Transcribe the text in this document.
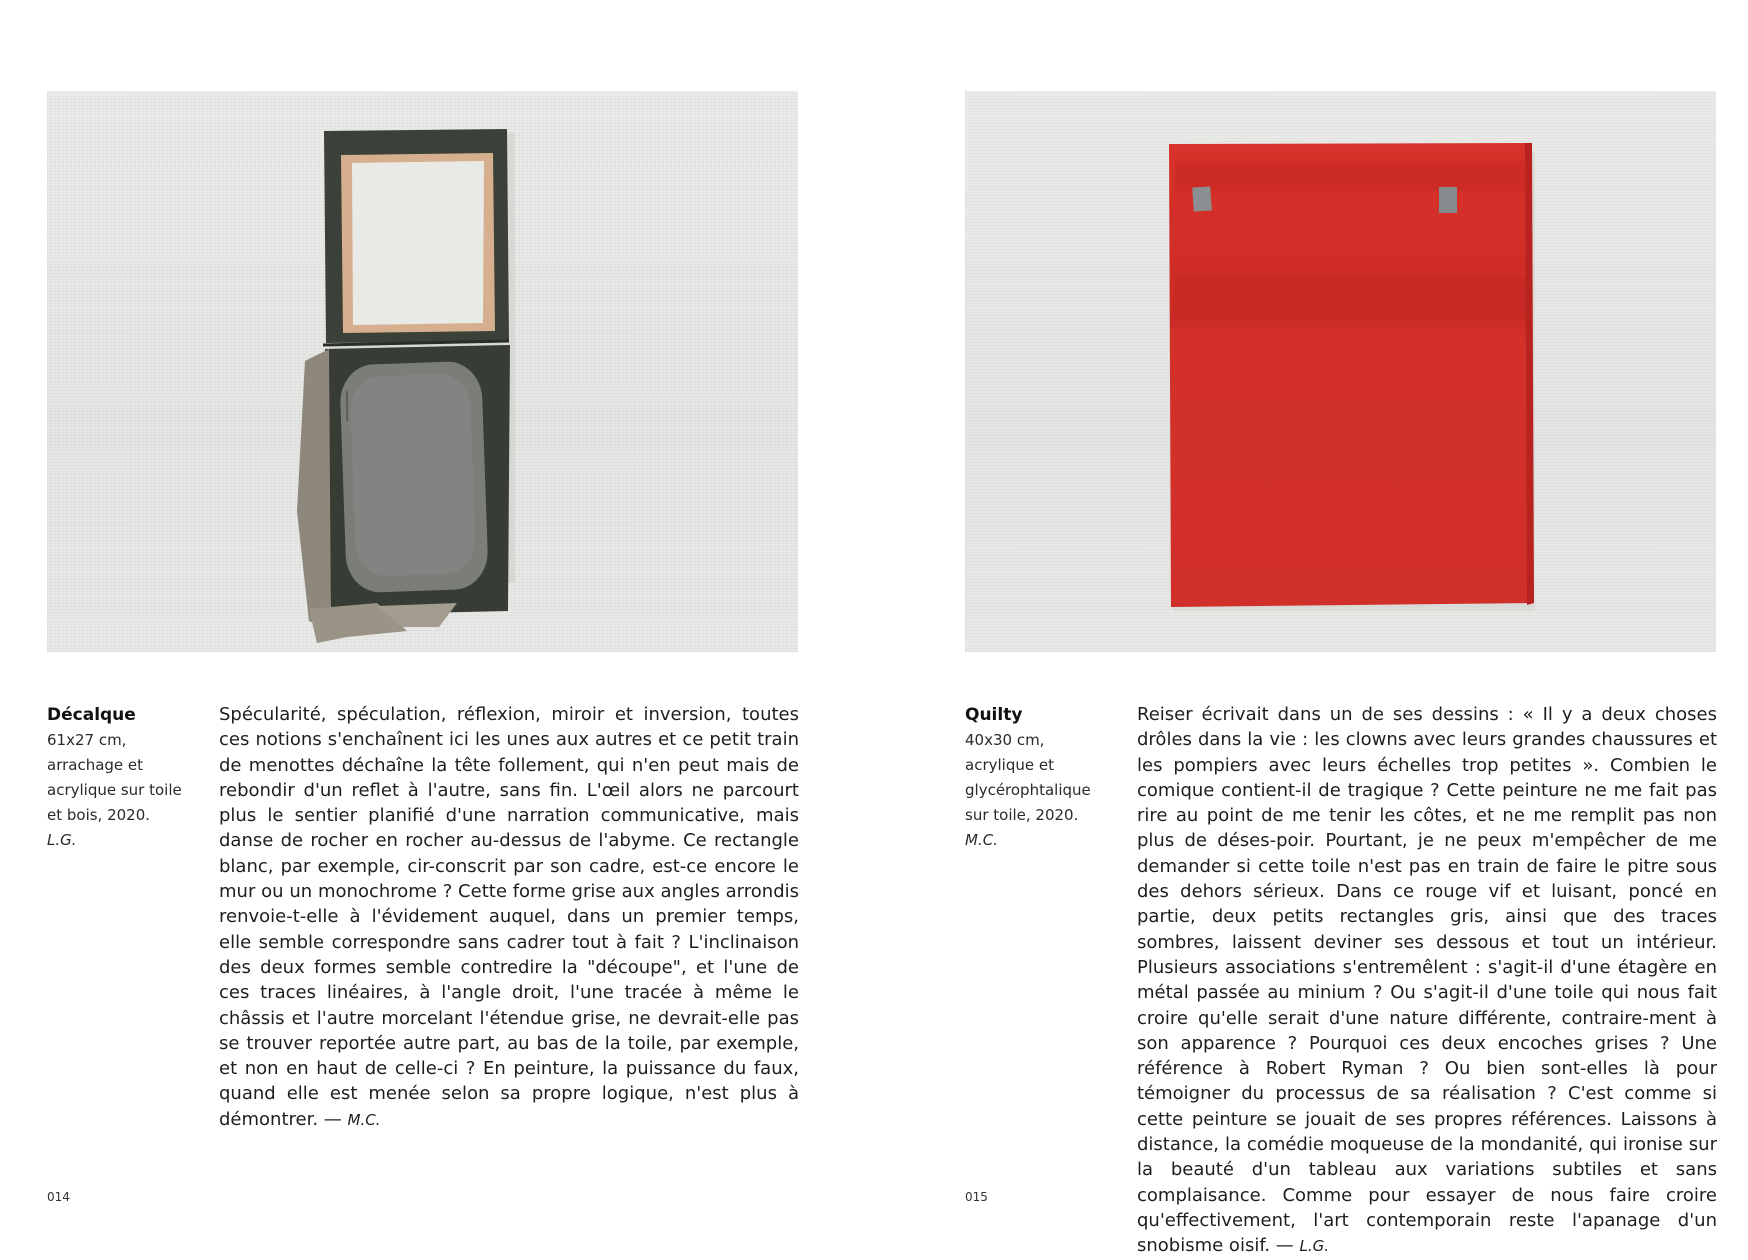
Décalque
61x27 cm,
arrachage et
acrylique sur toile
et bois, 2020.
L.G.
Spécularité, spéculation, réflexion, miroir et inversion, toutes ces notions s'enchaînent ici les unes aux autres et ce petit train de menottes déchaîne la tête follement, qui n'en peut mais de rebondir d'un reflet à l'autre, sans fin. L'œil alors ne parcourt plus le sentier planifié d'une narration communicative, mais danse de rocher en rocher au-dessus de l'abyme. Ce rectangle blanc, par exemple, cir-conscrit par son cadre, est-ce encore le mur ou un monochrome ? Cette forme grise aux angles arrondis renvoie-t-elle à l'évidement auquel, dans un premier temps, elle semble correspondre sans cadrer tout à fait ? L'inclinaison des deux formes semble contredire la "découpe", et l'une de ces traces linéaires, à l'angle droit, l'une tracée à même le châssis et l'autre morcelant l'étendue grise, ne devrait-elle pas se trouver reportée autre part, au bas de la toile, par exemple, et non en haut de celle-ci ? En peinture, la puissance du faux, quand elle est menée selon sa propre logique, n'est plus à démontrer. — M.C.
014
Quilty
40x30 cm,
acrylique et
glycérophtalique
sur toile, 2020.
M.C.
Reiser écrivait dans un de ses dessins : « Il y a deux choses drôles dans la vie : les clowns avec leurs grandes chaussures et les pompiers avec leurs échelles trop petites ». Combien le comique contient-il de tragique ? Cette peinture ne me fait pas rire au point de me tenir les côtes, et ne me remplit pas non plus de déses-poir. Pourtant, je ne peux m'empêcher de me demander si cette toile n'est pas en train de faire le pitre sous des dehors sérieux. Dans ce rouge vif et luisant, poncé en partie, deux petits rectangles gris, ainsi que des traces sombres, laissent deviner ses dessous et tout un intérieur. Plusieurs associations s'entremêlent : s'agit-il d'une étagère en métal passée au minium ? Ou s'agit-il d'une toile qui nous fait croire qu'elle serait d'une nature différente, contraire-ment à son apparence ? Pourquoi ces deux encoches grises ? Une référence à Robert Ryman ? Ou bien sont-elles là pour témoigner du processus de sa réalisation ? C'est comme si cette peinture se jouait de ses propres références. Laissons à distance, la comédie moqueuse de la mondanité, qui ironise sur la beauté d'un tableau aux variations subtiles et sans complaisance. Comme pour essayer de nous faire croire qu'effectivement, l'art contemporain reste l'apanage d'un snobisme oisif. — L.G.
015
